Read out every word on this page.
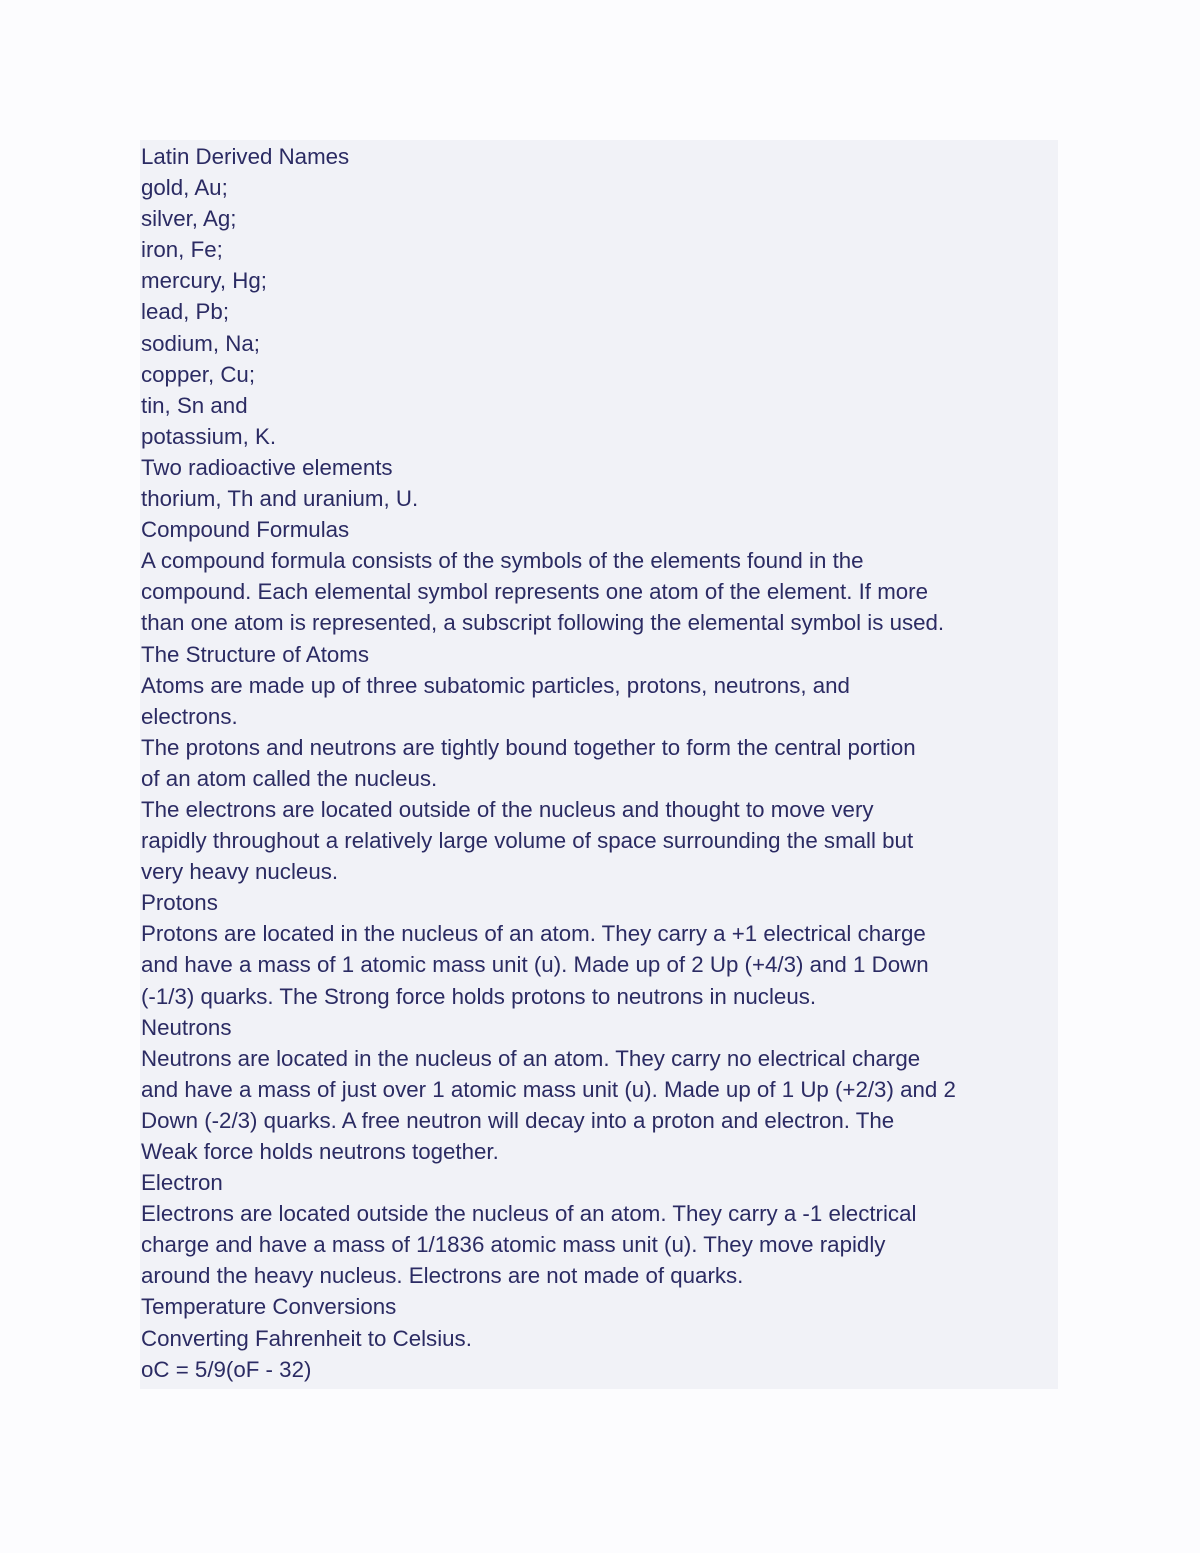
Latin Derived Names
gold, Au;
silver, Ag;
iron, Fe;
mercury, Hg;
lead, Pb;
sodium, Na;
copper, Cu;
tin, Sn and
potassium, K.
Two radioactive elements
thorium, Th and uranium, U.
Compound Formulas
A compound formula consists of the symbols of the elements found in the
compound. Each elemental symbol represents one atom of the element. If more
than one atom is represented, a subscript following the elemental symbol is used.
The Structure of Atoms
Atoms are made up of three subatomic particles, protons, neutrons, and
electrons.
The protons and neutrons are tightly bound together to form the central portion
of an atom called the nucleus.
The electrons are located outside of the nucleus and thought to move very
rapidly throughout a relatively large volume of space surrounding the small but
very heavy nucleus.
Protons
Protons are located in the nucleus of an atom. They carry a +1 electrical charge
and have a mass of 1 atomic mass unit (u). Made up of 2 Up (+4/3) and 1 Down
(-1/3) quarks. The Strong force holds protons to neutrons in nucleus.
Neutrons
Neutrons are located in the nucleus of an atom. They carry no electrical charge
and have a mass of just over 1 atomic mass unit (u). Made up of 1 Up (+2/3) and 2
Down (-2/3) quarks. A free neutron will decay into a proton and electron. The
Weak force holds neutrons together.
Electron
Electrons are located outside the nucleus of an atom. They carry a -1 electrical
charge and have a mass of 1/1836 atomic mass unit (u). They move rapidly
around the heavy nucleus. Electrons are not made of quarks.
Temperature Conversions
Converting Fahrenheit to Celsius.
oC = 5/9(oF - 32)
